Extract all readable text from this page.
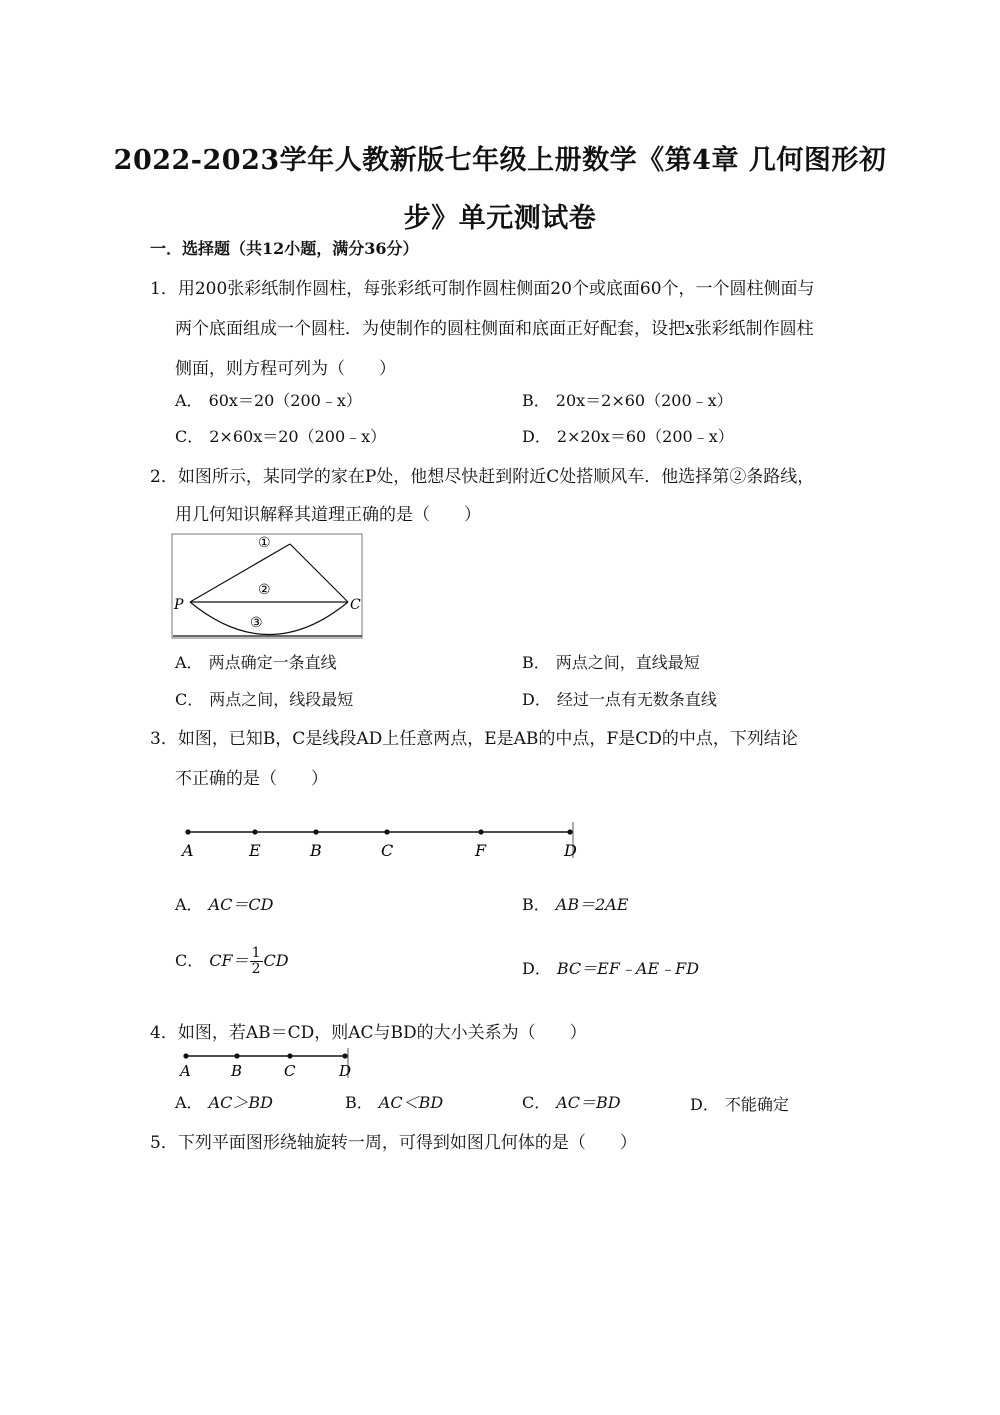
2022-2023学年人教新版七年级上册数学《第4章 几何图形初
步》单元测试卷
一．选择题（共12小题，满分36分）
1．用200张彩纸制作圆柱，每张彩纸可制作圆柱侧面20个或底面60个，一个圆柱侧面与
两个底面组成一个圆柱．为使制作的圆柱侧面和底面正好配套，设把x张彩纸制作圆柱
侧面，则方程可列为（　　）
A． 60x＝20（200﹣x）	B． 20x＝2×60（200﹣x）
C． 2×60x＝20（200﹣x）	D． 2×20x＝60（200﹣x）
2．如图所示，某同学的家在P处，他想尽快赶到附近C处搭顺风车．他选择第②条路线，
用几何知识解释其道理正确的是（　　）
①
②
③
P	C
A． 两点确定一条直线	B． 两点之间，直线最短
C． 两点之间，线段最短	D． 经过一点有无数条直线
3．如图，已知B，C是线段AD上任意两点，E是AB的中点，F是CD的中点，下列结论
不正确的是（　　）
A	E	B	C	F	D
A． AC＝CD	B． AB＝2AE
C． $CF= \frac{1}{2}$ CD	D． BC＝EF﹣AE﹣FD
4．如图，若AB＝CD，则AC与BD的大小关系为（　　）
A	B	C	D
A． AC＞BD	B． AC＜BD	C． AC＝BD	D． 不能确定
5．下列平面图形绕轴旋转一周，可得到如图几何体的是（　　）
